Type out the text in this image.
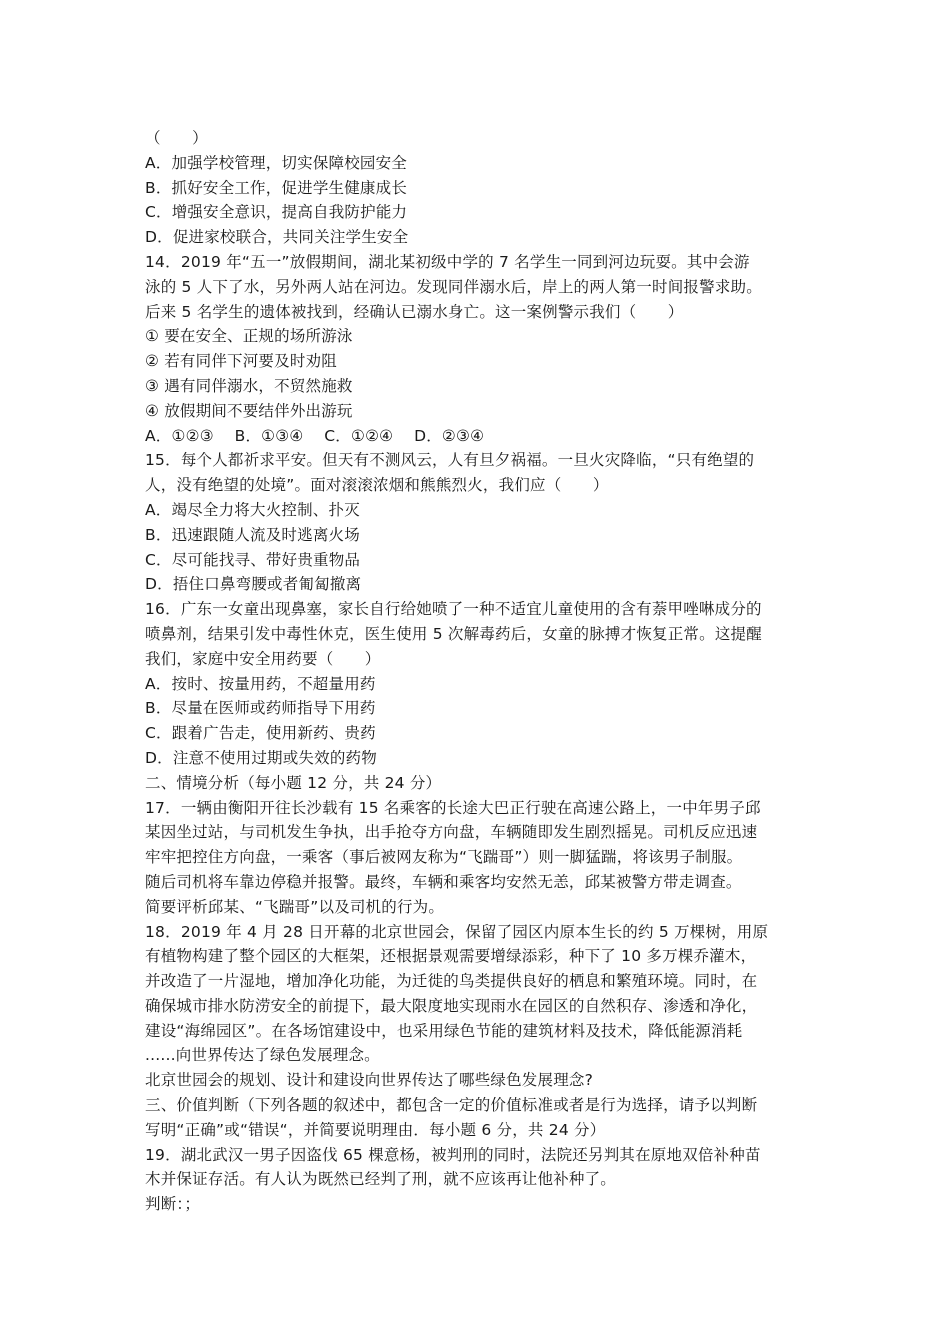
（　　）
A．加强学校管理，切实保障校园安全
B．抓好安全工作，促进学生健康成长
C．增强安全意识，提高自我防护能力
D．促进家校联合，共同关注学生安全
14．2019 年“五一”放假期间，湖北某初级中学的 7 名学生一同到河边玩耍。其中会游
泳的 5 人下了水，另外两人站在河边。发现同伴溺水后，岸上的两人第一时间报警求助。
后来 5 名学生的遗体被找到，经确认已溺水身亡。这一案例警示我们（　　）
① 要在安全、正规的场所游泳
② 若有同伴下河要及时劝阻
③ 遇有同伴溺水，不贸然施救
④ 放假期间不要结伴外出游玩
A．①②③　 B．①③④　 C．①②④　 D．②③④
15．每个人都祈求平安。但天有不测风云，人有旦夕祸福。一旦火灾降临，“只有绝望的
人，没有绝望的处境”。面对滚滚浓烟和熊熊烈火，我们应（　　）
A．竭尽全力将大火控制、扑灭
B．迅速跟随人流及时逃离火场
C．尽可能找寻、带好贵重物品
D．捂住口鼻弯腰或者匍匐撤离
16．广东一女童出现鼻塞，家长自行给她喷了一种不适宜儿童使用的含有萘甲唑啉成分的
喷鼻剂，结果引发中毒性休克，医生使用 5 次解毒药后，女童的脉搏才恢复正常。这提醒
我们，家庭中安全用药要（　　）
A．按时、按量用药，不超量用药
B．尽量在医师或药师指导下用药
C．跟着广告走，使用新药、贵药
D．注意不使用过期或失效的药物
二、情境分析（每小题 12 分，共 24 分）
17．一辆由衡阳开往长沙载有 15 名乘客的长途大巴正行驶在高速公路上，一中年男子邱
某因坐过站，与司机发生争执，出手抢夺方向盘，车辆随即发生剧烈摇晃。司机反应迅速
牢牢把控住方向盘，一乘客（事后被网友称为“飞踹哥”）则一脚猛踹，将该男子制服。
随后司机将车靠边停稳并报警。最终，车辆和乘客均安然无恙，邱某被警方带走调查。
简要评析邱某、“飞踹哥”以及司机的行为。
18．2019 年 4 月 28 日开幕的北京世园会，保留了园区内原本生长的约 5 万棵树，用原
有植物构建了整个园区的大框架，还根据景观需要增绿添彩，种下了 10 多万棵乔灌木，
并改造了一片湿地，增加净化功能，为迁徙的鸟类提供良好的栖息和繁殖环境。同时，在
确保城市排水防涝安全的前提下，最大限度地实现雨水在园区的自然积存、渗透和净化，
建设“海绵园区”。在各场馆建设中，也采用绿色节能的建筑材料及技术，降低能源消耗
......向世界传达了绿色发展理念。
北京世园会的规划、设计和建设向世界传达了哪些绿色发展理念?
三、价值判断（下列各题的叙述中，都包含一定的价值标准或者是行为选择，请予以判断
写明“正确”或“错误“，并简要说明理由．每小题 6 分，共 24 分）
19．湖北武汉一男子因盗伐 65 棵意杨，被判刑的同时，法院还另判其在原地双倍补种苗
木并保证存活。有人认为既然已经判了刑，就不应该再让他补种了。
判断：；
